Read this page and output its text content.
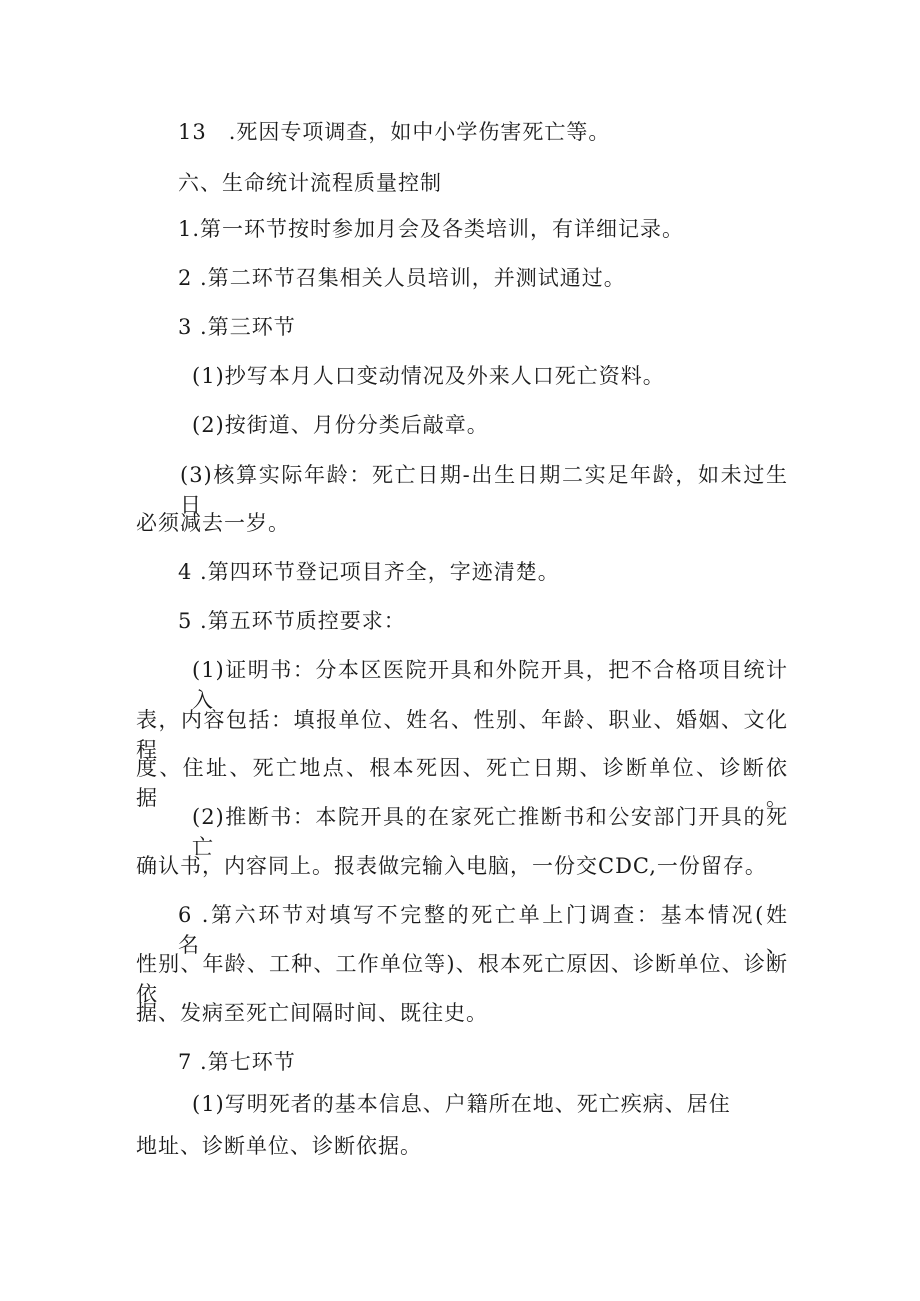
13　.死因专项调查，如中小学伤害死亡等。
六、生命统计流程质量控制
1.第一环节按时参加月会及各类培训，有详细记录。
2 .第二环节召集相关人员培训，并测试通过。
3 .第三环节
(1)抄写本月人口变动情况及外来人口死亡资料。
(2)按街道、月份分类后敲章。
(3)核算实际年龄：死亡日期-出生日期二实足年龄，如未过生日
必须减去一岁。
4 .第四环节登记项目齐全，字迹清楚。
5 .第五环节质控要求：
(1)证明书：分本区医院开具和外院开具，把不合格项目统计入
表，内容包括：填报单位、姓名、性别、年龄、职业、婚姻、文化程
度、住址、死亡地点、根本死因、死亡日期、诊断单位、诊断依据。
(2)推断书：本院开具的在家死亡推断书和公安部门开具的死亡
确认书，内容同上。报表做完输入电脑，一份交CDC,一份留存。
6 .第六环节对填写不完整的死亡单上门调查：基本情况(姓名、
性别、年龄、工种、工作单位等)、根本死亡原因、诊断单位、诊断依
据、发病至死亡间隔时间、既往史。
7 .第七环节
(1)写明死者的基本信息、户籍所在地、死亡疾病、居住
地址、诊断单位、诊断依据。
